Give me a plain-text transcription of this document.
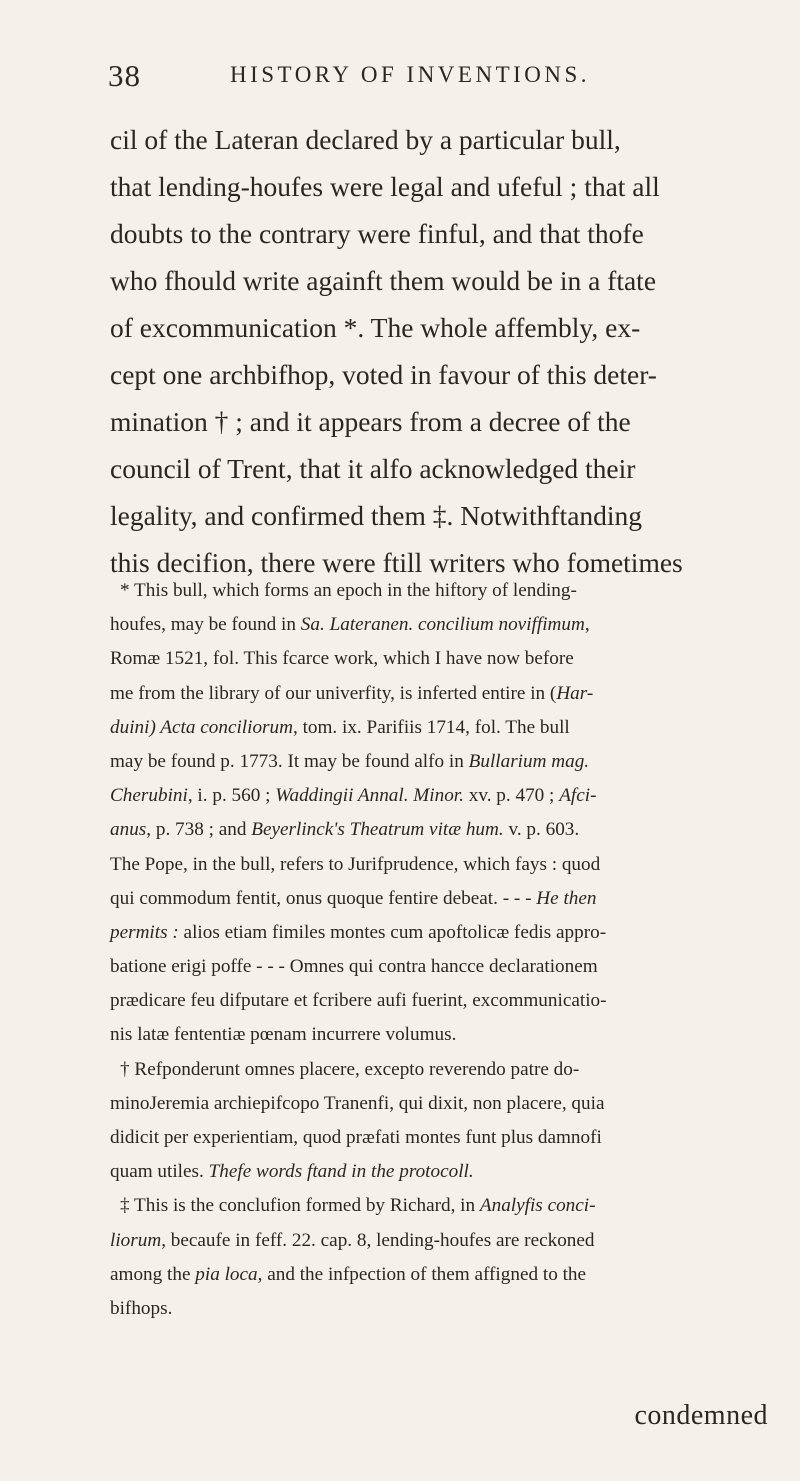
38	HISTORY OF INVENTIONS.
cil of the Lateran declared by a particular bull,
that lending-houfes were legal and ufeful ; that all
doubts to the contrary were finful, and that thofe
who fhould write againft them would be in a ftate
of excommunication *. The whole affembly, ex-
cept one archbifhop, voted in favour of this deter-
mination † ; and it appears from a decree of the
council of Trent, that it alfo acknowledged their
legality, and confirmed them ‡. Notwithftanding
this decifion, there were ftill writers who fometimes
* This bull, which forms an epoch in the hiftory of lending-
houfes, may be found in Sa. Lateranen. concilium noviffimum,
Romæ 1521, fol. This fcarce work, which I have now before
me from the library of our univerfity, is inferted entire in (Har-
duini) Acta conciliorum, tom. ix. Parifiis 1714, fol. The bull
may be found p. 1773. It may be found alfo in Bullarium mag.
Cherubini, i. p. 560 ; Waddingii Annal. Minor. xv. p. 470 ; Afci-
anus, p. 738 ; and Beyerlinck's Theatrum vitæ hum. v. p. 603.
The Pope, in the bull, refers to Jurifprudence, which fays : quod
qui commodum fentit, onus quoque fentire debeat. - - - He then
permits : alios etiam fimiles montes cum apoftolicæ fedis appro-
batione erigi poffe - - - Omnes qui contra hancce declarationem
prædicare feu difputare et fcribere aufi fuerint, excommunicatio-
nis latæ fententiæ pœnam incurrere volumus.
† Refponderunt omnes placere, excepto reverendo patre do-
minoJeremia archiepifcopo Tranenfi, qui dixit, non placere, quia
didicit per experientiam, quod præfati montes funt plus damnofi
quam utiles. Thefe words ftand in the protocoll.
‡ This is the conclufion formed by Richard, in Analyfis conci-
liorum, becaufe in feff. 22. cap. 8, lending-houfes are reckoned
among the pia loca, and the infpection of them affigned to the
bifhops.
condemned
